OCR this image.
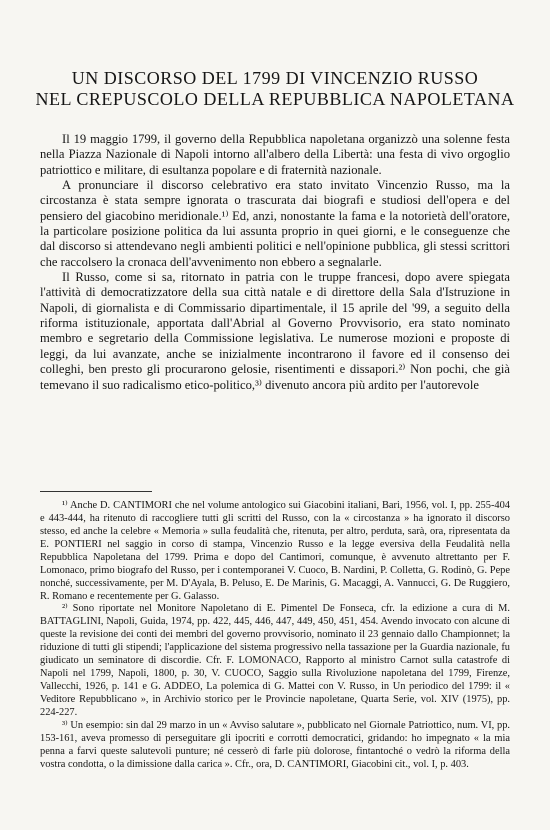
UN DISCORSO DEL 1799 DI VINCENZIO RUSSO
NEL CREPUSCOLO DELLA REPUBBLICA NAPOLETANA

Il 19 maggio 1799, il governo della Repubblica napoletana organizzò una solenne festa nella Piazza Nazionale di Napoli intorno all'albero della Libertà: una festa di vivo orgoglio patriottico e militare, di esultanza popolare e di fraternità nazionale.

A pronunciare il discorso celebrativo era stato invitato Vincenzio Russo, ma la circostanza è stata sempre ignorata o trascurata dai biografi e studiosi dell'opera e del pensiero del giacobino meridionale.¹⁾ Ed, anzi, nonostante la fama e la notorietà dell'oratore, la particolare posizione politica da lui assunta proprio in quei giorni, e le conseguenze che dal discorso si attendevano negli ambienti politici e nell'opinione pubblica, gli stessi scrittori che raccolsero la cronaca dell'avvenimento non ebbero a segnalarle.

Il Russo, come si sa, ritornato in patria con le truppe francesi, dopo avere spiegata l'attività di democratizzatore della sua città natale e di direttore della Sala d'Istruzione in Napoli, di giornalista e di Commissario dipartimentale, il 15 aprile del '99, a seguito della riforma istituzionale, apportata dall'Abrial al Governo Provvisorio, era stato nominato membro e segretario della Commissione legislativa. Le numerose mozioni e proposte di leggi, da lui avanzate, anche se inizialmente incontrarono il favore ed il consenso dei colleghi, ben presto gli procurarono gelosie, risentimenti e dissapori.²⁾ Non pochi, che già temevano il suo radicalismo etico-politico,³⁾ divenuto ancora più ardito per l'autorevole

¹⁾ Anche D. CANTIMORI che nel volume antologico sui Giacobini italiani, Bari, 1956, vol. I, pp. 255-404 e 443-444, ha ritenuto di raccogliere tutti gli scritti del Russo, con la « circostanza » ha ignorato il discorso stesso, ed anche la celebre « Memoria » sulla feudalità che, ritenuta, per altro, perduta, sarà, ora, ripresentata da E. PONTIERI nel saggio in corso di stampa, Vincenzio Russo e la legge eversiva della Feudalità nella Repubblica Napoletana del 1799. Prima e dopo del Cantimori, comunque, è avvenuto altrettanto per F. Lomonaco, primo biografo del Russo, per i contemporanei V. Cuoco, B. Nardini, P. Colletta, G. Rodinò, G. Pepe nonché, successivamente, per M. D'Ayala, B. Peluso, E. De Marinis, G. Macaggi, A. Vannucci, G. De Ruggiero, R. Romano e recentemente per G. Galasso.

²⁾ Sono riportate nel Monitore Napoletano di E. Pimentel De Fonseca, cfr. la edizione a cura di M. BATTAGLINI, Napoli, Guida, 1974, pp. 422, 445, 446, 447, 449, 450, 451, 454. Avendo invocato con alcune di queste la revisione dei conti dei membri del governo provvisorio, nominato il 23 gennaio dallo Championnet; la riduzione di tutti gli stipendi; l'applicazione del sistema progressivo nella tassazione per la Guardia nazionale, fu giudicato un seminatore di discordie. Cfr. F. LOMONACO, Rapporto al ministro Carnot sulla catastrofe di Napoli nel 1799, Napoli, 1800, p. 30, V. CUOCO, Saggio sulla Rivoluzione napoletana del 1799, Firenze, Vallecchi, 1926, p. 141 e G. ADDEO, La polemica di G. Mattei con V. Russo, in Un periodico del 1799: il « Veditore Repubblicano », in Archivio storico per le Provincie napoletane, Quarta Serie, vol. XIV (1975), pp. 224-227.

³⁾ Un esempio: sin dal 29 marzo in un « Avviso salutare », pubblicato nel Giornale Patriottico, num. VI, pp. 153-161, aveva promesso di perseguitare gli ipocriti e corrotti democratici, gridando: ho impegnato « la mia penna a farvi queste salutevoli punture; né cesserò di farle più dolorose, fintantoché o vedrò la riforma della vostra condotta, o la dimissione dalla carica ». Cfr., ora, D. CANTIMORI, Giacobini cit., vol. I, p. 403.
